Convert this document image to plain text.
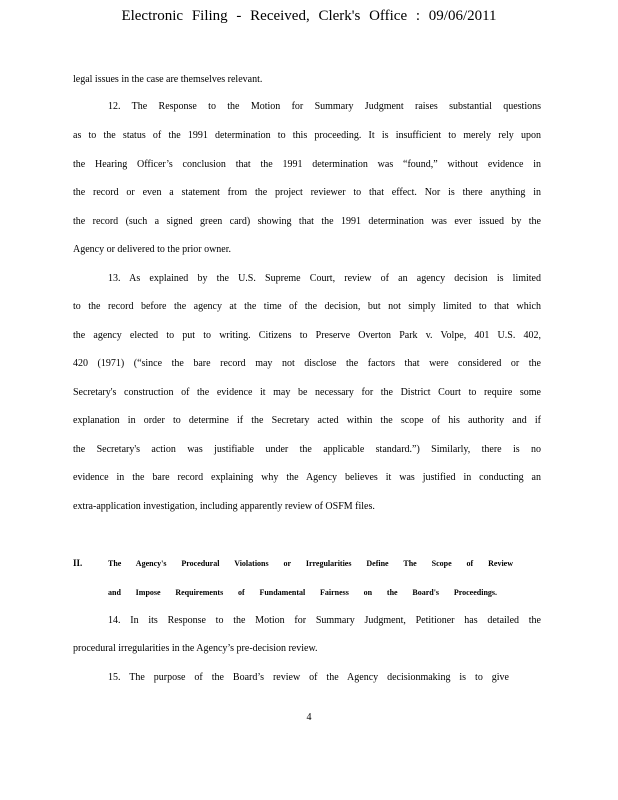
Electronic Filing - Received, Clerk's Office : 09/06/2011
legal issues in the case are themselves relevant.
12. The Response to the Motion for Summary Judgment raises substantial questions
as to the status of the 1991 determination to this proceeding. It is insufficient to merely rely upon
the Hearing Officer’s conclusion that the 1991 determination was “found,” without evidence in
the record or even a statement from the project reviewer to that effect. Nor is there anything in
the record (such a signed green card) showing that the 1991 determination was ever issued by the
Agency or delivered to the prior owner.
13. As explained by the U.S. Supreme Court, review of an agency decision is limited
to the record before the agency at the time of the decision, but not simply limited to that which
the agency elected to put to writing. Citizens to Preserve Overton Park v. Volpe, 401 U.S. 402,
420 (1971) (“since the bare record may not disclose the factors that were considered or the
Secretary's construction of the evidence it may be necessary for the District Court to require some
explanation in order to determine if the Secretary acted within the scope of his authority and if
the Secretary's action was justifiable under the applicable standard.”) Similarly, there is no
evidence in the bare record explaining why the Agency believes it was justified in conducting an
extra-application investigation, including apparently review of OSFM files.
II.	The Agency's Procedural Violations or Irregularities Define The Scope of Review
and Impose Requirements of Fundamental Fairness on the Board's Proceedings.
14. In its Response to the Motion for Summary Judgment, Petitioner has detailed the
procedural irregularities in the Agency’s pre-decision review.
15. The purpose of the Board’s review of the Agency decisionmaking is to give
4
